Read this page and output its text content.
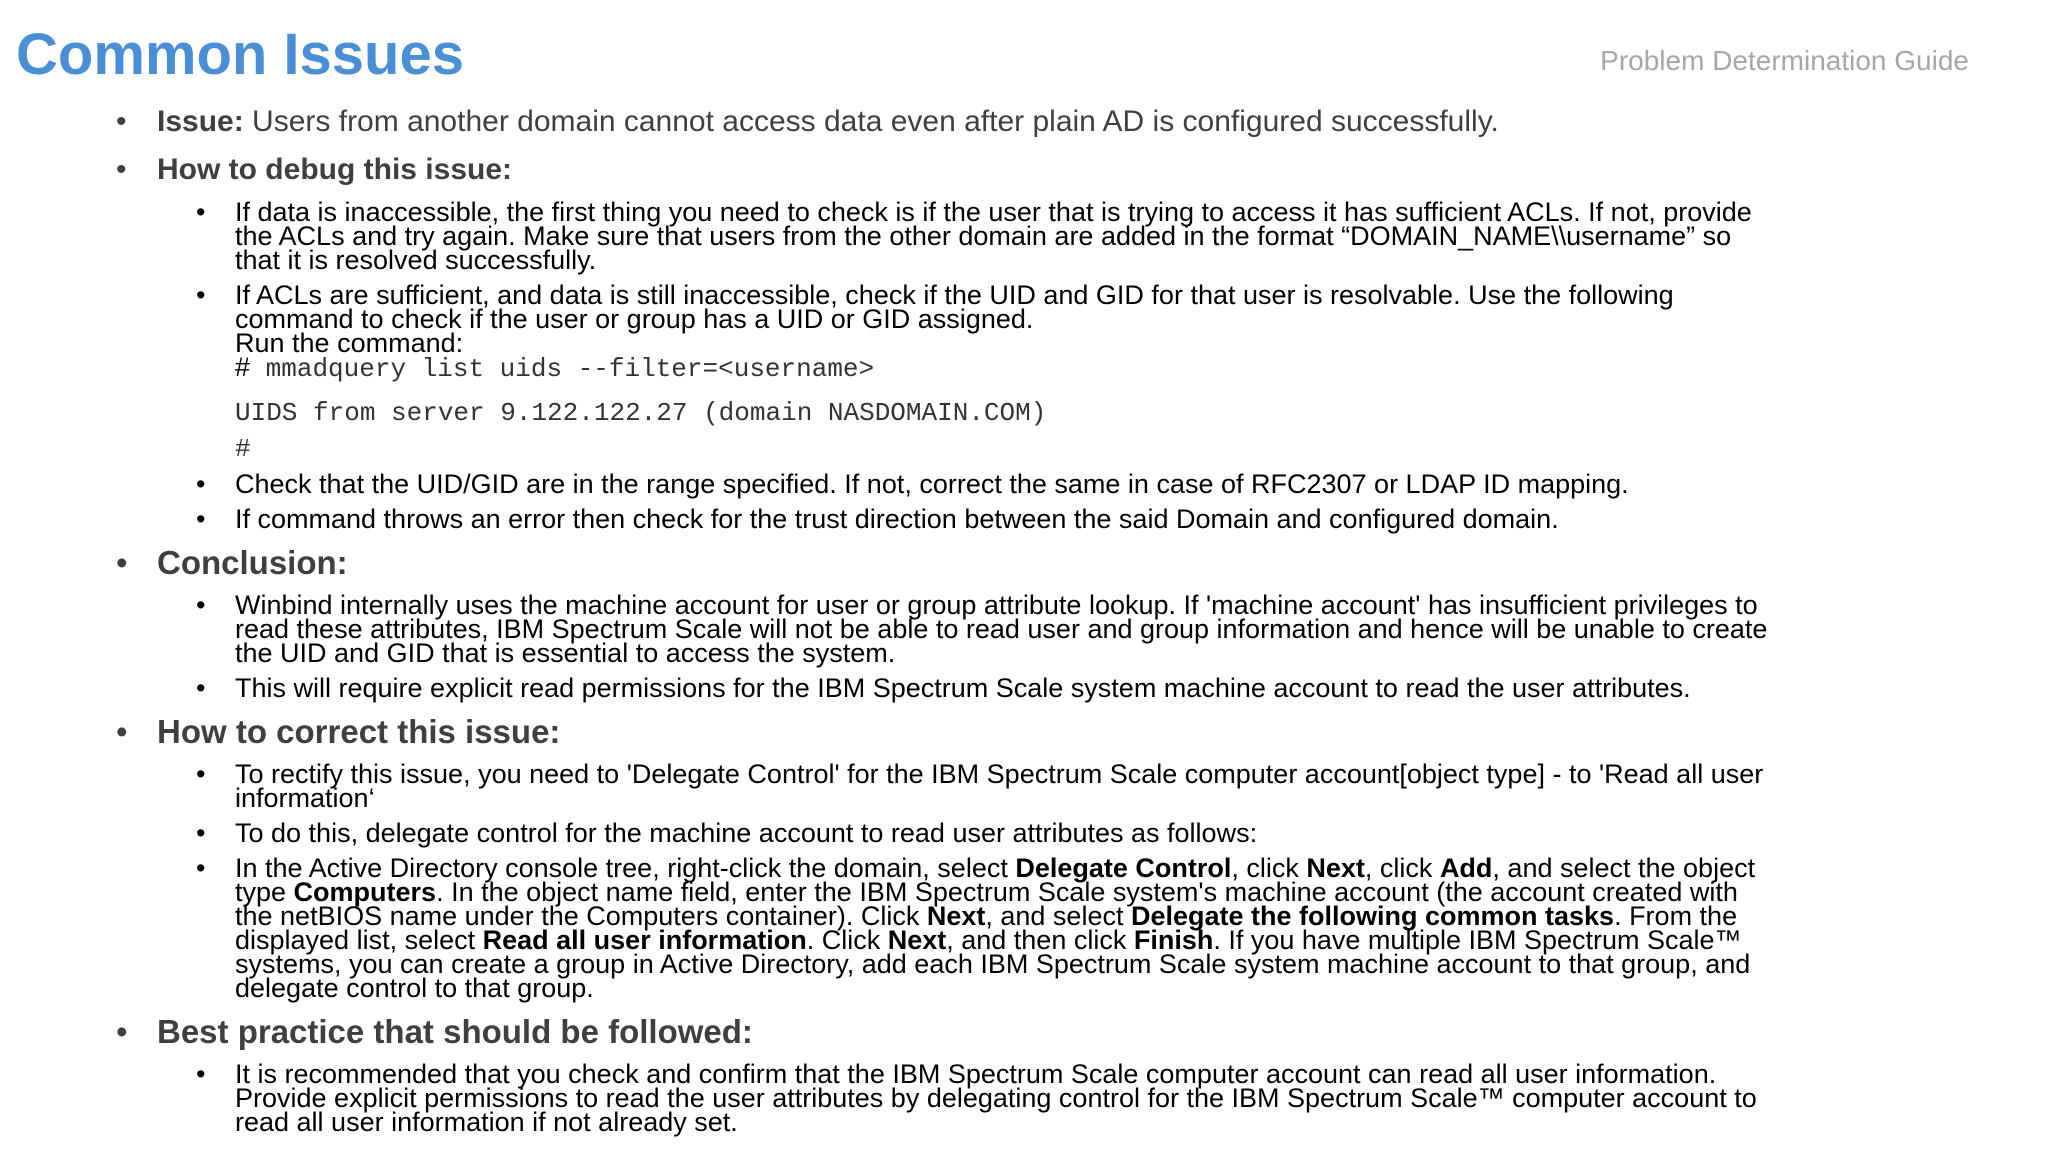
Common Issues	Problem Determination Guide
• Issue: Users from another domain cannot access data even after plain AD is configured successfully.
• How to debug this issue:
• If data is inaccessible, the first thing you need to check is if the user that is trying to access it has sufficient ACLs. If not, provide
the ACLs and try again. Make sure that users from the other domain are added in the format “DOMAIN_NAME\\username” so
that it is resolved successfully.
• If ACLs are sufficient, and data is still inaccessible, check if the UID and GID for that user is resolvable. Use the following
command to check if the user or group has a UID or GID assigned.
Run the command:
# mmadquery list uids --filter=<username>
UIDS from server 9.122.122.27 (domain NASDOMAIN.COM)
#
• Check that the UID/GID are in the range specified. If not, correct the same in case of RFC2307 or LDAP ID mapping.
• If command throws an error then check for the trust direction between the said Domain and configured domain.
• Conclusion:
• Winbind internally uses the machine account for user or group attribute lookup. If 'machine account' has insufficient privileges to
read these attributes, IBM Spectrum Scale will not be able to read user and group information and hence will be unable to create
the UID and GID that is essential to access the system.
• This will require explicit read permissions for the IBM Spectrum Scale system machine account to read the user attributes.
• How to correct this issue:
• To rectify this issue, you need to 'Delegate Control' for the IBM Spectrum Scale computer account[object type] - to 'Read all user
information‘
• To do this, delegate control for the machine account to read user attributes as follows:
• In the Active Directory console tree, right-click the domain, select Delegate Control, click Next, click Add, and select the object
type Computers. In the object name field, enter the IBM Spectrum Scale system's machine account (the account created with
the netBIOS name under the Computers container). Click Next, and select Delegate the following common tasks. From the
displayed list, select Read all user information. Click Next, and then click Finish. If you have multiple IBM Spectrum Scale™
systems, you can create a group in Active Directory, add each IBM Spectrum Scale system machine account to that group, and
delegate control to that group.
• Best practice that should be followed:
• It is recommended that you check and confirm that the IBM Spectrum Scale computer account can read all user information.
Provide explicit permissions to read the user attributes by delegating control for the IBM Spectrum Scale™ computer account to
read all user information if not already set.
